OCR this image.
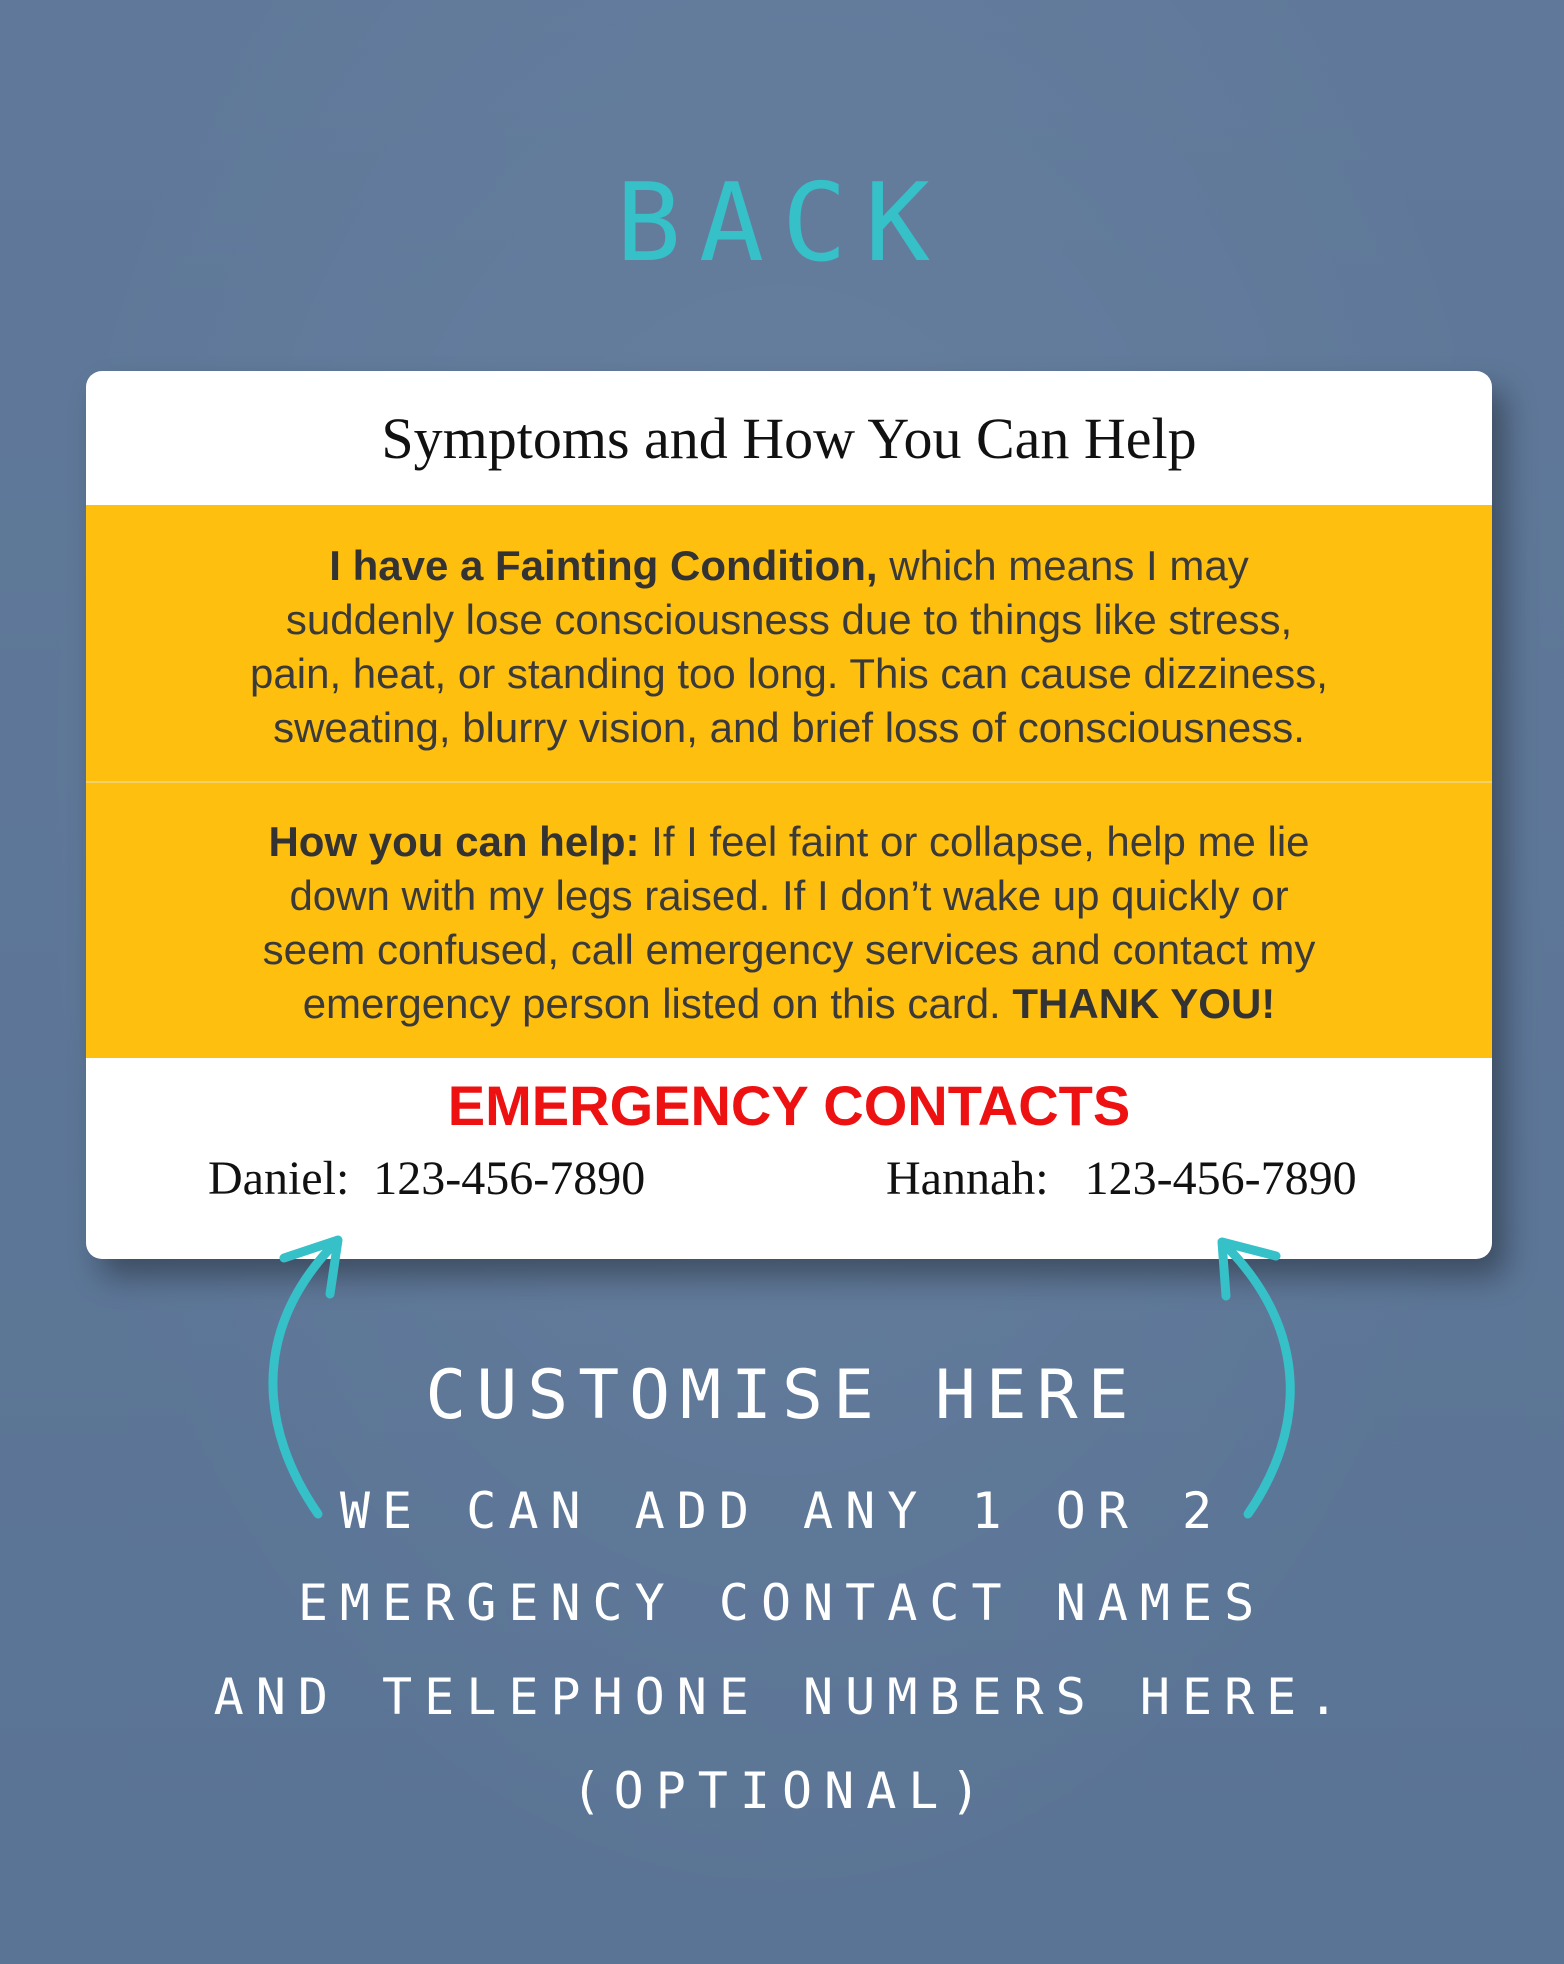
BACK
Symptoms and How You Can Help
I have a Fainting Condition, which means I may
suddenly lose consciousness due to things like stress,
pain, heat, or standing too long. This can cause dizziness,
sweating, blurry vision, and brief loss of consciousness.
How you can help: If I feel faint or collapse, help me lie
down with my legs raised. If I don’t wake up quickly or
seem confused, call emergency services and contact my
emergency person listed on this card. THANK YOU!
EMERGENCY CONTACTS
Daniel: 123-456-7890	Hannah: 123-456-7890
CUSTOMISE HERE
WE CAN ADD ANY 1 OR 2
EMERGENCY CONTACT NAMES
AND TELEPHONE NUMBERS HERE.
(OPTIONAL)
